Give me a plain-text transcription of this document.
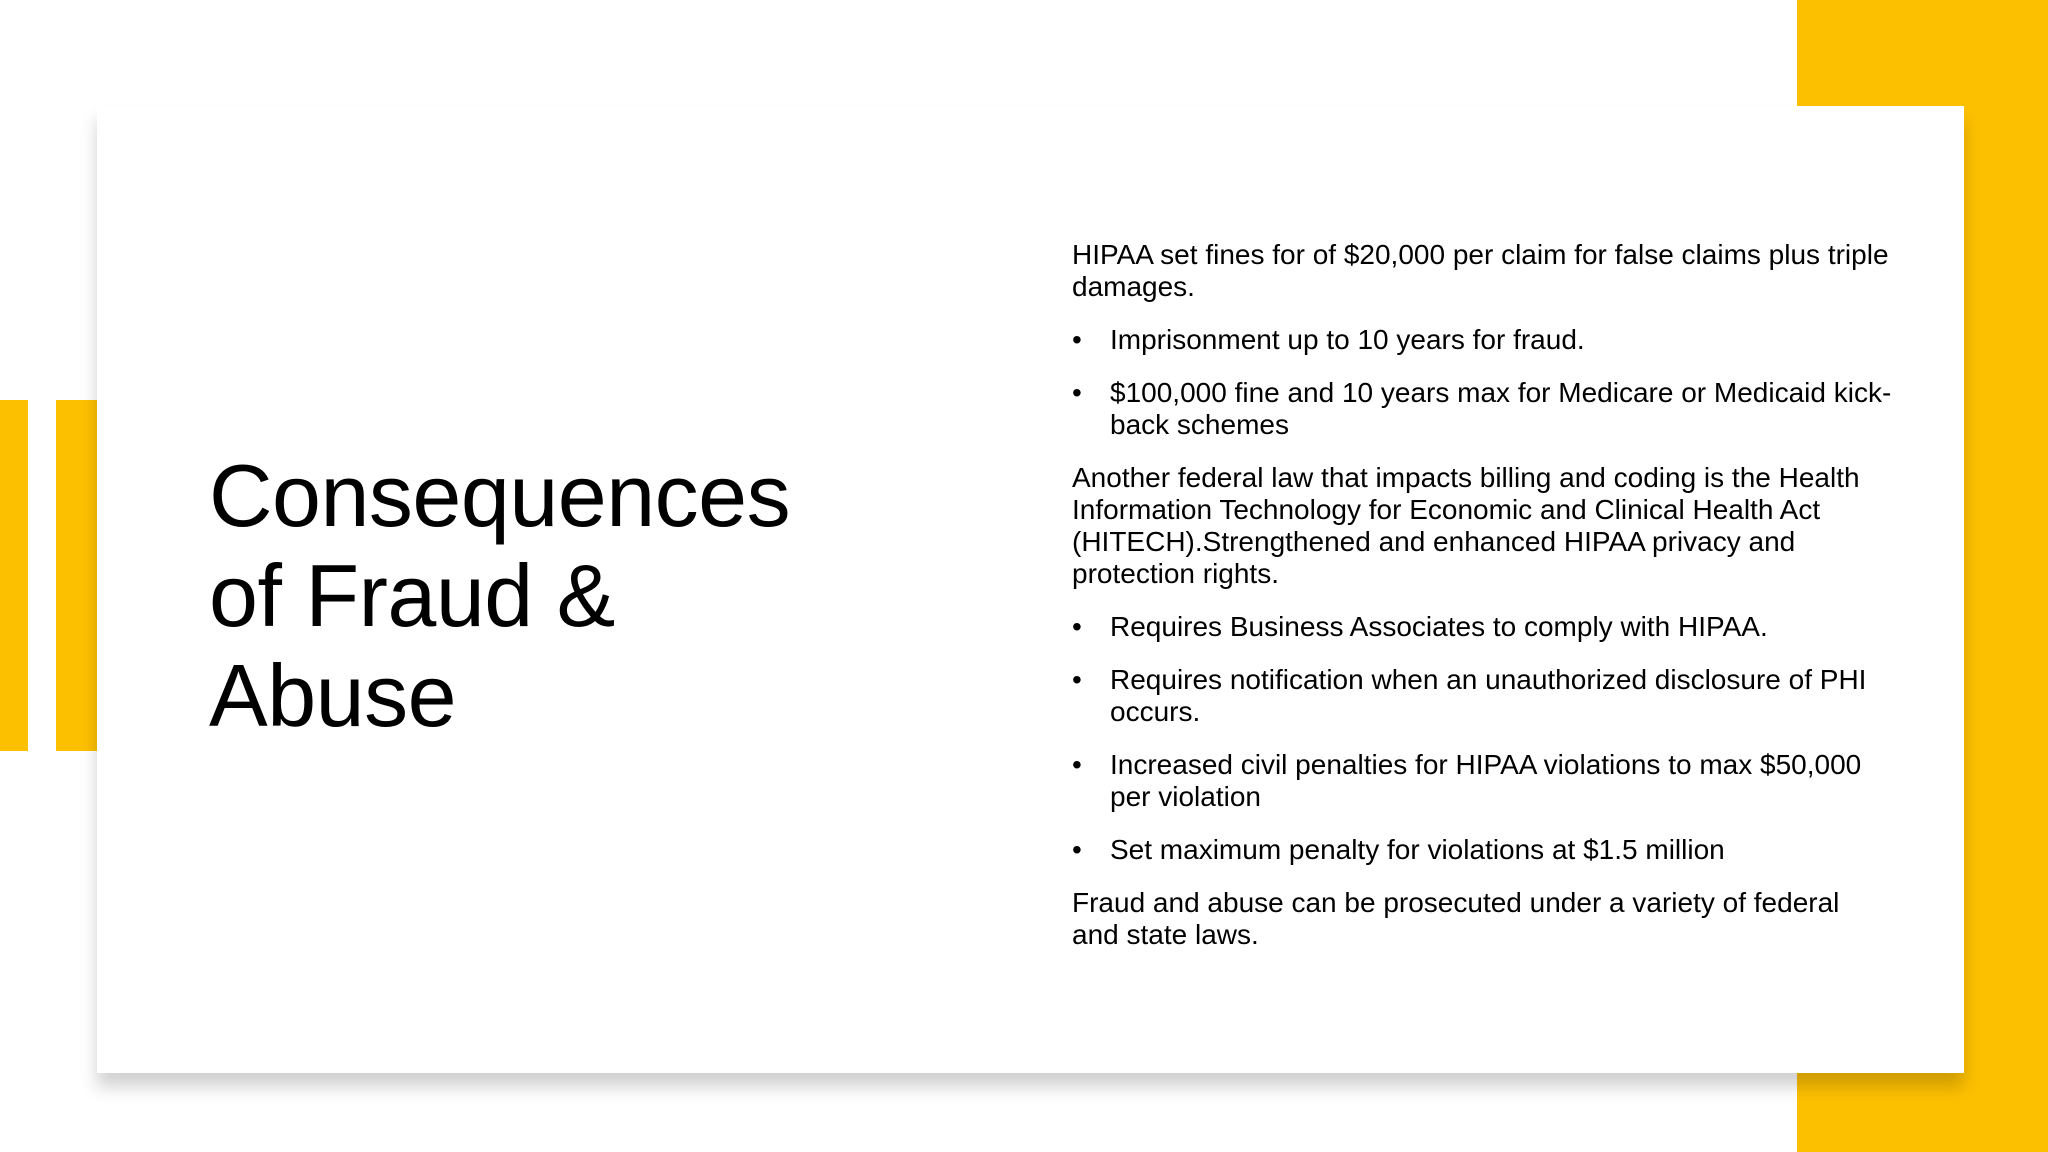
Consequences
of Fraud &
Abuse

HIPAA set fines for of $20,000 per claim for false claims plus triple damages.

• Imprisonment up to 10 years for fraud.
• $100,000 fine and 10 years max for Medicare or Medicaid kick-back schemes

Another federal law that impacts billing and coding is the Health Information Technology for Economic and Clinical Health Act (HITECH).Strengthened and enhanced HIPAA privacy and protection rights.

• Requires Business Associates to comply with HIPAA.
• Requires notification when an unauthorized disclosure of PHI occurs.
• Increased civil penalties for HIPAA violations to max $50,000 per violation
• Set maximum penalty for violations at $1.5 million

Fraud and abuse can be prosecuted under a variety of federal and state laws.
